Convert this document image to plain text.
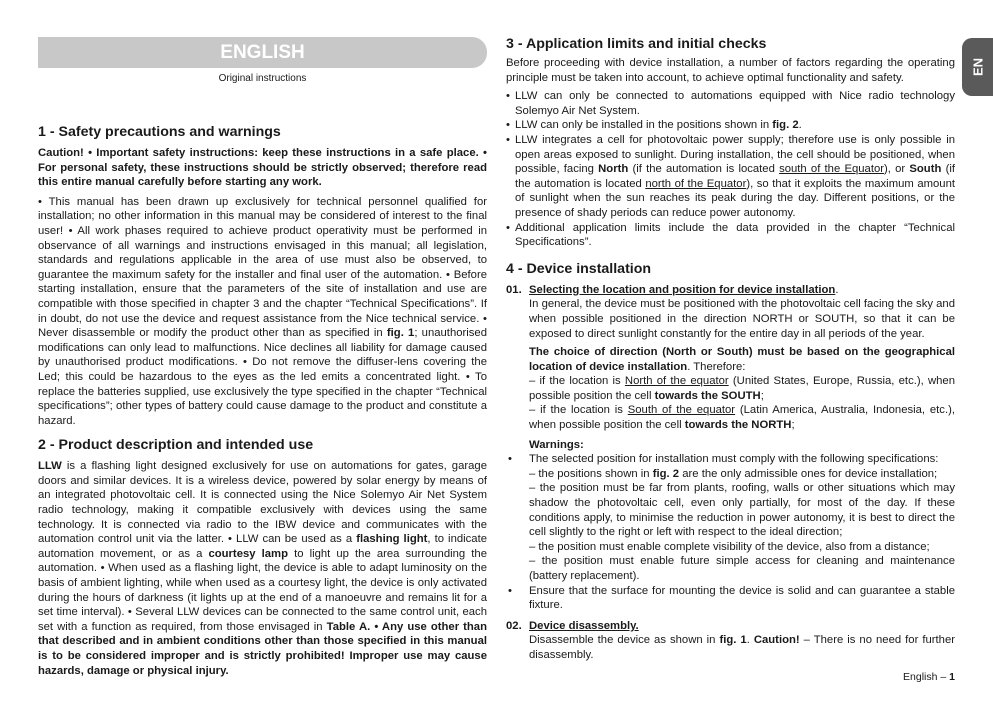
ENGLISH
Original instructions
1 - Safety precautions and warnings

Caution! • Important safety instructions: keep these instructions in a safe place. • For personal safety, these instructions should be strictly observed; therefore read this entire manual carefully before starting any work.

• This manual has been drawn up exclusively for technical personnel qualified for installation; no other information in this manual may be considered of interest to the final user! • All work phases required to achieve product operativity must be performed in observance of all warnings and instructions envisaged in this manual; all legislation, standards and regulations applicable in the area of use must also be observed, to guarantee the maximum safety for the installer and final user of the automation. • Before starting installation, ensure that the parameters of the site of installation and use are compatible with those specified in chapter 3 and the chapter “Technical Specifications”. If in doubt, do not use the device and request assistance from the Nice technical service. • Never disassemble or modify the product other than as specified in fig. 1; unauthorised modifications can only lead to malfunctions. Nice declines all liability for damage caused by unauthorised product modifications. • Do not remove the diffuser-lens covering the Led; this could be hazardous to the eyes as the led emits a concentrated light. • To replace the batteries supplied, use exclusively the type specified in the chapter “Technical specifications”; other types of battery could cause damage to the product and constitute a hazard.

2 - Product description and intended use

LLW is a flashing light designed exclusively for use on automations for gates, garage doors and similar devices. It is a wireless device, powered by solar energy by means of an integrated photovoltaic cell. It is connected using the Nice Solemyo Air Net System radio technology, making it compatible exclusively with devices using the same technology. It is connected via radio to the IBW device and communicates with the automation control unit via the latter. • LLW can be used as a flashing light, to indicate automation movement, or as a courtesy lamp to light up the area surrounding the automation. • When used as a flashing light, the device is able to adapt luminosity on the basis of ambient lighting, while when used as a courtesy light, the device is only activated during the hours of darkness (it lights up at the end of a manoeuvre and remains lit for a set time interval). • Several LLW devices can be connected to the same control unit, each set with a function as required, from those envisaged in Table A. • Any use other than that described and in ambient conditions other than those specified in this manual is to be considered improper and is strictly prohibited! Improper use may cause hazards, damage or physical injury.

3 - Application limits and initial checks

Before proceeding with device installation, a number of factors regarding the operating principle must be taken into account, to achieve optimal functionality and safety.

• LLW can only be connected to automations equipped with Nice radio technology Solemyo Air Net System.
• LLW can only be installed in the positions shown in fig. 2.
• LLW integrates a cell for photovoltaic power supply; therefore use is only possible in open areas exposed to sunlight. During installation, the cell should be positioned, when possible, facing North (if the automation is located south of the Equator), or South (if the automation is located north of the Equator), so that it exploits the maximum amount of sunlight when the sun reaches its peak during the day. Different positions, or the presence of shady periods can reduce power autonomy.
• Additional application limits include the data provided in the chapter “Technical Specifications”.
4 - Device installation
01. Selecting the location and position for device installation.

In general, the device must be positioned with the photovoltaic cell facing the sky and when possible positioned in the direction NORTH or SOUTH, so that it can be exposed to direct sunlight constantly for the entire day in all periods of the year.

The choice of direction (North or South) must be based on the geographical location of device installation. Therefore:

– if the location is North of the equator (United States, Europe, Russia, etc.), when possible position the cell towards the SOUTH;

– if the location is South of the equator (Latin America, Australia, Indonesia, etc.), when possible position the cell towards the NORTH;

Warnings:

• The selected position for installation must comply with the following specifications:

– the positions shown in fig. 2 are the only admissible ones for device installation;

– the position must be far from plants, roofing, walls or other situations which may shadow the photovoltaic cell, even only partially, for most of the day. If these conditions apply, to minimise the reduction in power autonomy, it is best to direct the cell slightly to the right or left with respect to the ideal direction;

– the position must enable complete visibility of the device, also from a distance;

– the position must enable future simple access for cleaning and maintenance (battery replacement).

• Ensure that the surface for mounting the device is solid and can guarantee a stable fixture.

02. Device disassembly.

Disassemble the device as shown in fig. 1. Caution! – There is no need for further disassembly.

EN
English – 1
